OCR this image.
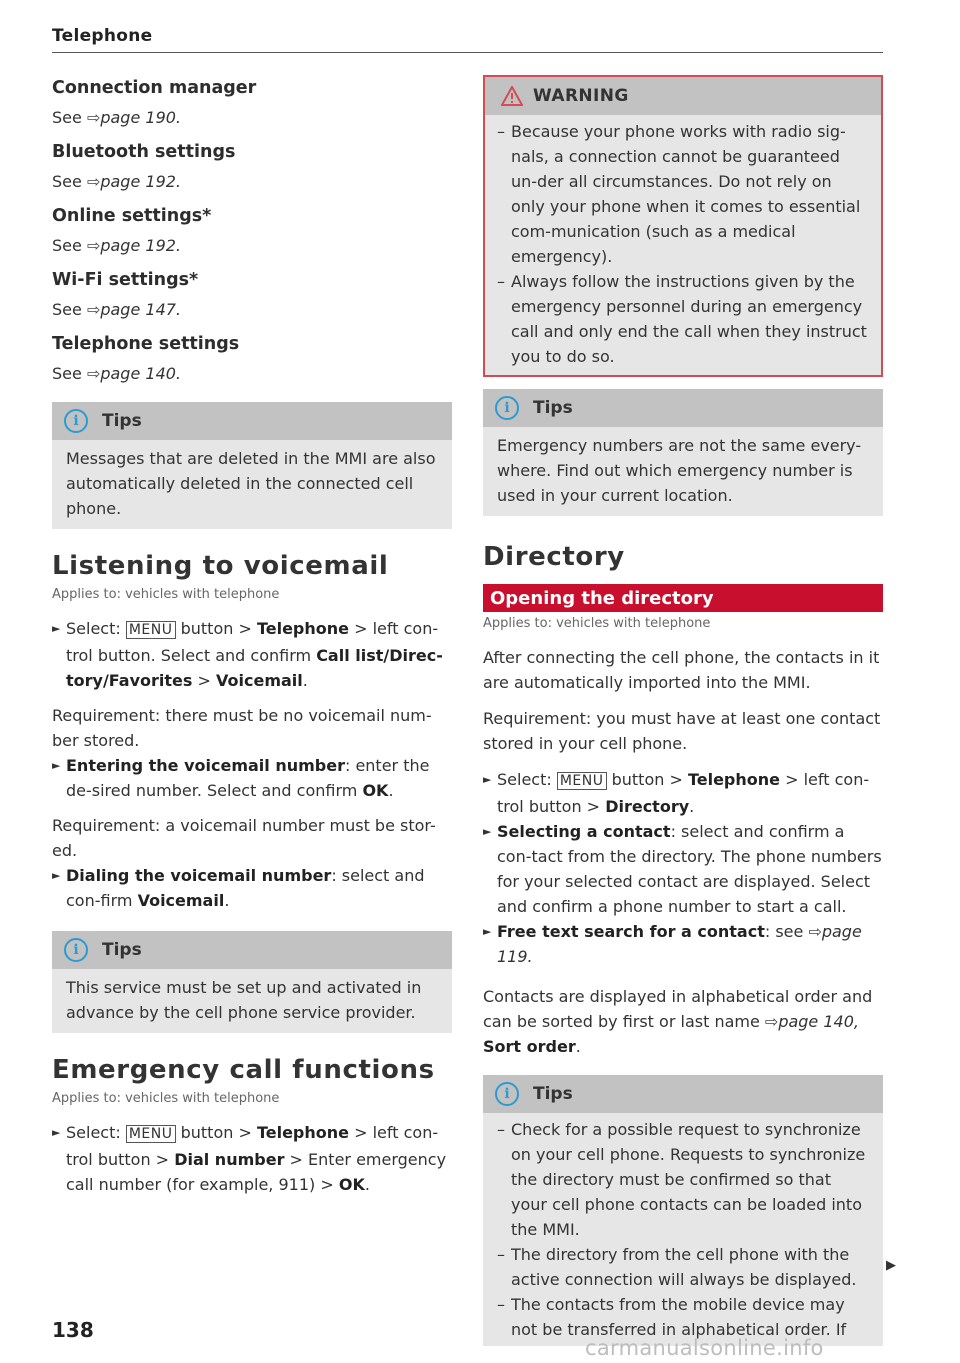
Telephone

Connection manager

See ⇨page 190.

Bluetooth settings

See ⇨page 192.

Online settings*

See ⇨page 192.

Wi-Fi settings*

See ⇨page 147.

Telephone settings

See ⇨page 140.

i	Tips
Messages that are deleted in the MMI are also automatically deleted in the connected cell phone.

Listening to voicemail

Applies to: vehicles with telephone

► Select: MENU button > Telephone > left con-trol button. Select and confirm Call list/Direc-tory/Favorites > Voicemail.

Requirement: there must be no voicemail num-ber stored.

► Entering the voicemail number: enter the de-sired number. Select and confirm OK.

Requirement: a voicemail number must be stor-ed.

► Dialing the voicemail number: select and con-firm Voicemail.

i	Tips
This service must be set up and activated in advance by the cell phone service provider.

Emergency call functions

Applies to: vehicles with telephone

► Select: MENU button > Telephone > left con-trol button > Dial number > Enter emergency call number (for example, 911) > OK.

WARNING

– Because your phone works with radio sig-nals, a connection cannot be guaranteed un-der all circumstances. Do not rely on only your phone when it comes to essential com-munication (such as a medical emergency).

– Always follow the instructions given by the emergency personnel during an emergency call and only end the call when they instruct you to do so.

i	Tips
Emergency numbers are not the same every-where. Find out which emergency number is used in your current location.

Directory

Opening the directory

Applies to: vehicles with telephone

After connecting the cell phone, the contacts in it are automatically imported into the MMI.

Requirement: you must have at least one contact stored in your cell phone.

► Select: MENU button > Telephone > left con-trol button > Directory.

► Selecting a contact: select and confirm a con-tact from the directory. The phone numbers for your selected contact are displayed. Select and confirm a phone number to start a call.

► Free text search for a contact: see ⇨page 119.

Contacts are displayed in alphabetical order and can be sorted by first or last name ⇨page 140, Sort order.

i	Tips

– Check for a possible request to synchronize on your cell phone. Requests to synchronize the directory must be confirmed so that your cell phone contacts can be loaded into the MMI.

– The directory from the cell phone with the active connection will always be displayed.

– The contacts from the mobile device may not be transferred in alphabetical order. If

▶
138
carmanualsonline.info
